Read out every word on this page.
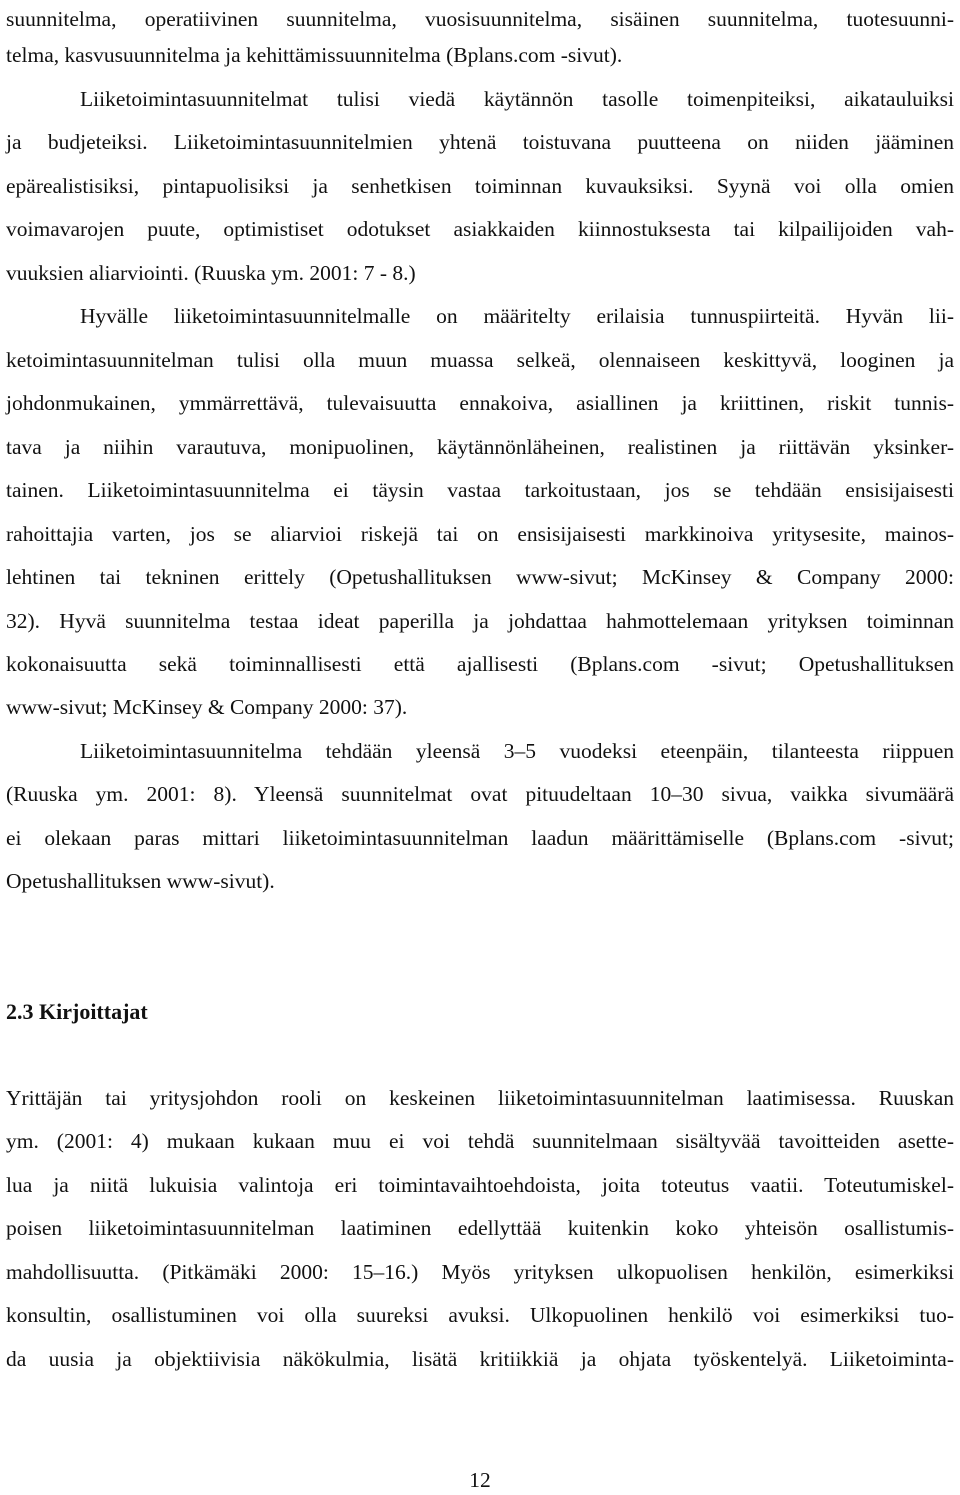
suunnitelma, operatiivinen suunnitelma, vuosisuunnitelma, sisäinen suunnitelma, tuotesuunni-
telma, kasvusuunnitelma ja kehittämissuunnitelma (Bplans.com -sivut).
Liiketoimintasuunnitelmat tulisi viedä käytännön tasolle toimenpiteiksi, aikatauluiksi
ja budjeteiksi. Liiketoimintasuunnitelmien yhtenä toistuvana puutteena on niiden jääminen
epärealistisiksi, pintapuolisiksi ja senhetkisen toiminnan kuvauksiksi. Syynä voi olla omien
voimavarojen puute, optimistiset odotukset asiakkaiden kiinnostuksesta tai kilpailijoiden vah-
vuuksien aliarviointi. (Ruuska ym. 2001: 7 - 8.)
Hyvälle liiketoimintasuunnitelmalle on määritelty erilaisia tunnuspiirteitä. Hyvän lii-
ketoimintasuunnitelman tulisi olla muun muassa selkeä, olennaiseen keskittyvä, looginen ja
johdonmukainen, ymmärrettävä, tulevaisuutta ennakoiva, asiallinen ja kriittinen, riskit tunnis-
tava ja niihin varautuva, monipuolinen, käytännönläheinen, realistinen ja riittävän yksinker-
tainen. Liiketoimintasuunnitelma ei täysin vastaa tarkoitustaan, jos se tehdään ensisijaisesti
rahoittajia varten, jos se aliarvioi riskejä tai on ensisijaisesti markkinoiva yritysesite, mainos-
lehtinen tai tekninen erittely (Opetushallituksen www-sivut; McKinsey & Company 2000:
32). Hyvä suunnitelma testaa ideat paperilla ja johdattaa hahmottelemaan yrityksen toiminnan
kokonaisuutta sekä toiminnallisesti että ajallisesti (Bplans.com -sivut; Opetushallituksen
www-sivut; McKinsey & Company 2000: 37).
Liiketoimintasuunnitelma tehdään yleensä 3–5 vuodeksi eteenpäin, tilanteesta riippuen
(Ruuska ym. 2001: 8). Yleensä suunnitelmat ovat pituudeltaan 10–30 sivua, vaikka sivumäärä
ei olekaan paras mittari liiketoimintasuunnitelman laadun määrittämiselle (Bplans.com -sivut;
Opetushallituksen www-sivut).
2.3 Kirjoittajat
Yrittäjän tai yritysjohdon rooli on keskeinen liiketoimintasuunnitelman laatimisessa. Ruuskan
ym. (2001: 4) mukaan kukaan muu ei voi tehdä suunnitelmaan sisältyvää tavoitteiden asette-
lua ja niitä lukuisia valintoja eri toimintavaihtoehdoista, joita toteutus vaatii. Toteutumiskel-
poisen liiketoimintasuunnitelman laatiminen edellyttää kuitenkin koko yhteisön osallistumis-
mahdollisuutta. (Pitkämäki 2000: 15–16.) Myös yrityksen ulkopuolisen henkilön, esimerkiksi
konsultin, osallistuminen voi olla suureksi avuksi. Ulkopuolinen henkilö voi esimerkiksi tuo-
da uusia ja objektiivisia näkökulmia, lisätä kritiikkiä ja ohjata työskentelyä. Liiketoiminta-
12
